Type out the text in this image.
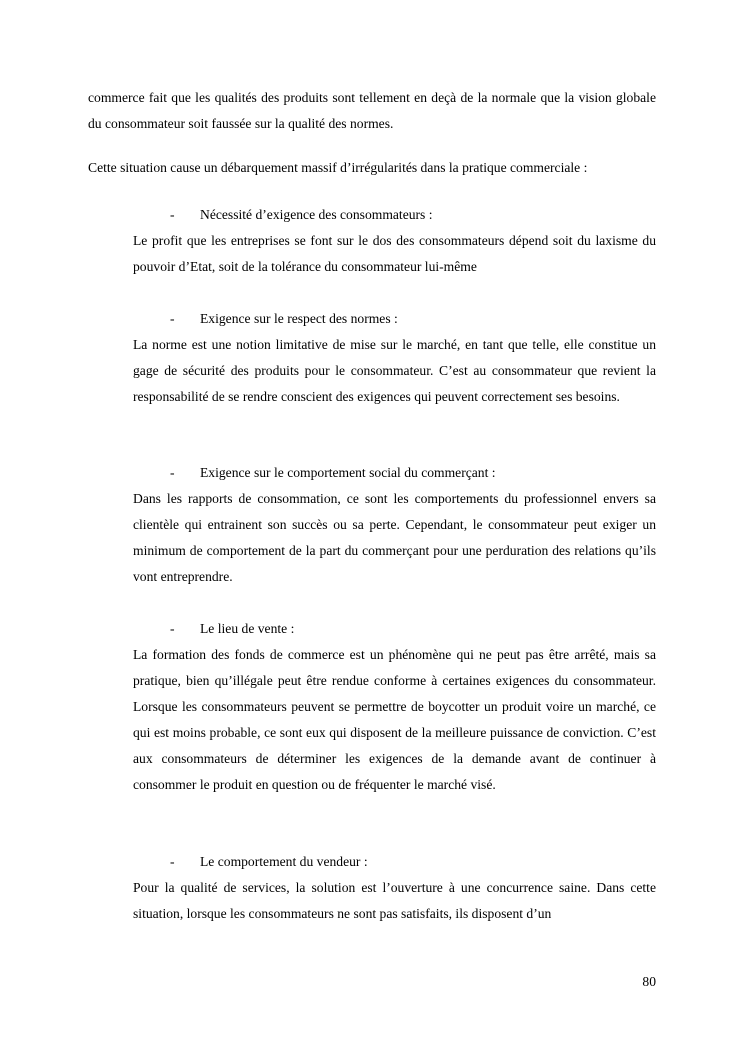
commerce fait que les qualités des produits sont tellement en deçà de la normale que la vision globale du consommateur soit faussée sur la qualité des normes.

Cette situation cause un débarquement massif d’irrégularités dans la pratique commerciale :

- Nécessité d’exigence des consommateurs :

Le profit que les entreprises se font sur le dos des consommateurs dépend soit du laxisme du pouvoir d’Etat, soit de la tolérance du consommateur lui-même

- Exigence sur le respect des normes :

La norme est une notion limitative de mise sur le marché, en tant que telle, elle constitue un gage de sécurité des produits pour le consommateur. C’est au consommateur que revient la responsabilité de se rendre conscient des exigences qui peuvent correctement ses besoins.

- Exigence sur le comportement social du commerçant :

Dans les rapports de consommation, ce sont les comportements du professionnel envers sa clientèle qui entrainent son succès ou sa perte. Cependant, le consommateur peut exiger un minimum de comportement de la part du commerçant pour une perduration des relations qu’ils vont entreprendre.

- Le lieu de vente :

La formation des fonds de commerce est un phénomène qui ne peut pas être arrêté, mais sa pratique, bien qu’illégale peut être rendue conforme à certaines exigences du consommateur. Lorsque les consommateurs peuvent se permettre de boycotter un produit voire un marché, ce qui est moins probable, ce sont eux qui disposent de la meilleure puissance de conviction. C’est aux consommateurs de déterminer les exigences de la demande avant de continuer à consommer le produit en question ou de fréquenter le marché visé.

- Le comportement du vendeur :

Pour la qualité de services, la solution est l’ouverture à une concurrence saine. Dans cette situation, lorsque les consommateurs ne sont pas satisfaits, ils disposent d’un

80
